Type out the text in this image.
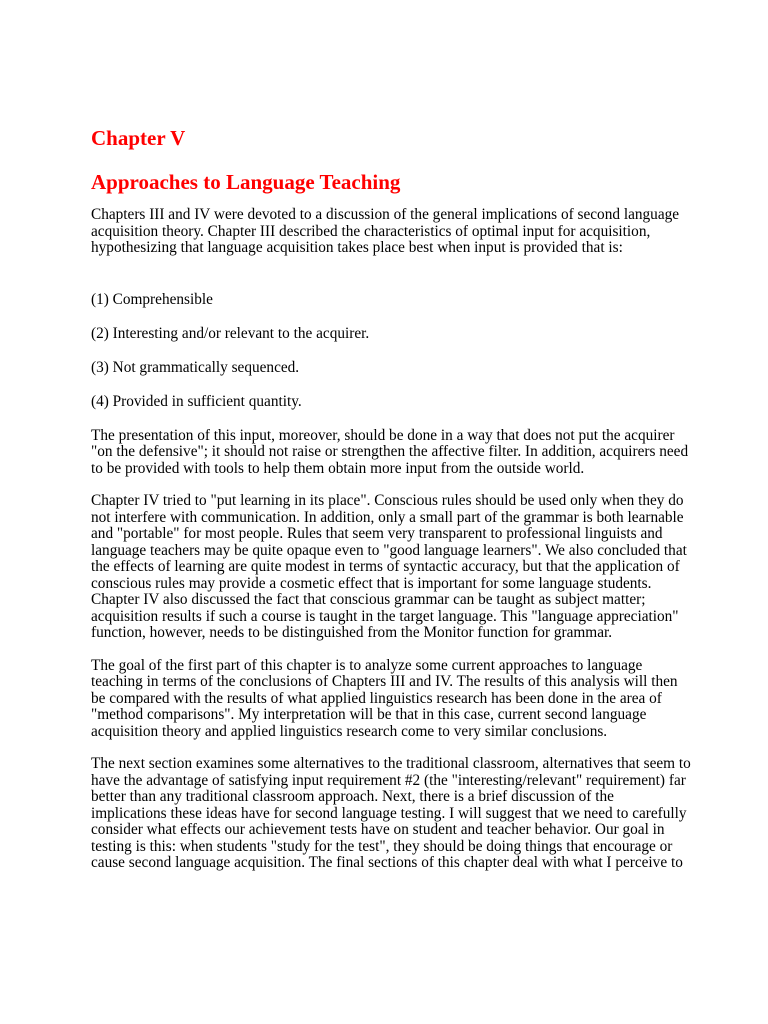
Chapter V
Approaches to Language Teaching

Chapters III and IV were devoted to a discussion of the general implications of second language acquisition theory. Chapter III described the characteristics of optimal input for acquisition, hypothesizing that language acquisition takes place best when input is provided that is:

(1) Comprehensible

(2) Interesting and/or relevant to the acquirer.

(3) Not grammatically sequenced.

(4) Provided in sufficient quantity.

The presentation of this input, moreover, should be done in a way that does not put the acquirer "on the defensive"; it should not raise or strengthen the affective filter. In addition, acquirers need to be provided with tools to help them obtain more input from the outside world.

Chapter IV tried to "put learning in its place". Conscious rules should be used only when they do not interfere with communication. In addition, only a small part of the grammar is both learnable and "portable" for most people. Rules that seem very transparent to professional linguists and language teachers may be quite opaque even to "good language learners". We also concluded that the effects of learning are quite modest in terms of syntactic accuracy, but that the application of conscious rules may provide a cosmetic effect that is important for some language students. Chapter IV also discussed the fact that conscious grammar can be taught as subject matter; acquisition results if such a course is taught in the target language. This "language appreciation" function, however, needs to be distinguished from the Monitor function for grammar.

The goal of the first part of this chapter is to analyze some current approaches to language teaching in terms of the conclusions of Chapters III and IV. The results of this analysis will then be compared with the results of what applied linguistics research has been done in the area of "method comparisons". My interpretation will be that in this case, current second language acquisition theory and applied linguistics research come to very similar conclusions.

The next section examines some alternatives to the traditional classroom, alternatives that seem to have the advantage of satisfying input requirement #2 (the "interesting/relevant" requirement) far better than any traditional classroom approach. Next, there is a brief discussion of the implications these ideas have for second language testing. I will suggest that we need to carefully consider what effects our achievement tests have on student and teacher behavior. Our goal in testing is this: when students "study for the test", they should be doing things that encourage or cause second language acquisition. The final sections of this chapter deal with what I perceive to
